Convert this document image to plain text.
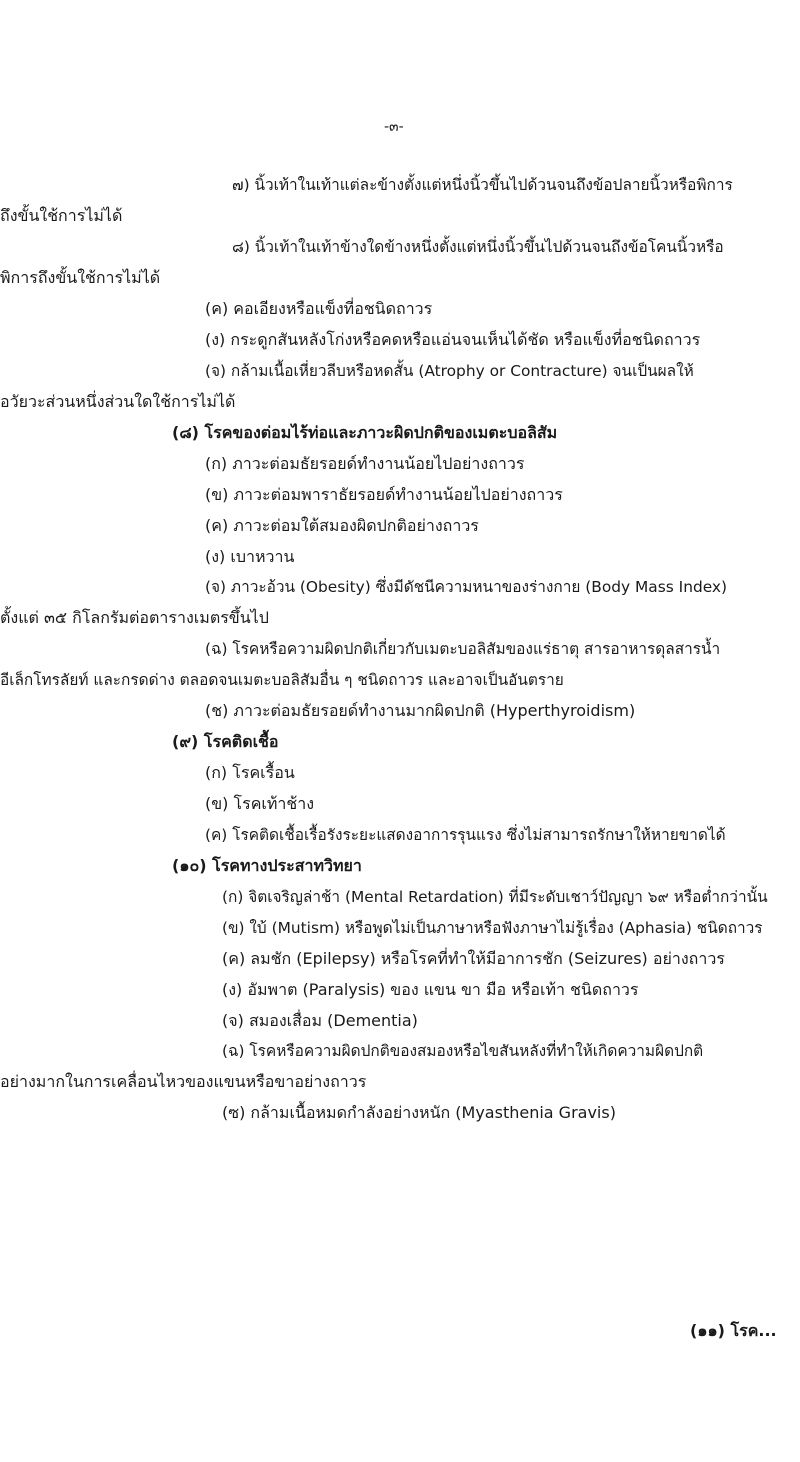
-๓-
๗) นิ้วเท้าในเท้าแต่ละข้างตั้งแต่หนึ่งนิ้วขึ้นไปด้วนจนถึงข้อปลายนิ้วหรือพิการ
ถึงขั้นใช้การไม่ได้
๘) นิ้วเท้าในเท้าข้างใดข้างหนึ่งตั้งแต่หนึ่งนิ้วขึ้นไปด้วนจนถึงข้อโคนนิ้วหรือ
พิการถึงขั้นใช้การไม่ได้
(ค) คอเอียงหรือแข็งที่อชนิดถาวร
(ง) กระดูกสันหลังโก่งหรือคดหรือแอ่นจนเห็นได้ชัด หรือแข็งที่อชนิดถาวร
(จ) กล้ามเนื้อเหี่ยวลีบหรือหดสั้น (Atrophy or Contracture) จนเป็นผลให้
อวัยวะส่วนหนึ่งส่วนใดใช้การไม่ได้
(๘) โรคของต่อมไร้ท่อและภาวะผิดปกติของเมตะบอลิสัม
(ก) ภาวะต่อมธัยรอยด์ทำงานน้อยไปอย่างถาวร
(ข) ภาวะต่อมพาราธัยรอยด์ทำงานน้อยไปอย่างถาวร
(ค) ภาวะต่อมใต้สมองผิดปกติอย่างถาวร
(ง) เบาหวาน
(จ) ภาวะอ้วน (Obesity) ซึ่งมีดัชนีความหนาของร่างกาย (Body Mass Index)
ตั้งแต่ ๓๕ กิโลกรัมต่อตารางเมตรขึ้นไป
(ฉ) โรคหรือความผิดปกติเกี่ยวกับเมตะบอลิสัมของแร่ธาตุ สารอาหารดุลสารน้ำ
อีเล็กโทรลัยท์ และกรดด่าง ตลอดจนเมตะบอลิสัมอื่น ๆ ชนิดถาวร และอาจเป็นอันตราย
(ช) ภาวะต่อมธัยรอยด์ทำงานมากผิดปกติ (Hyperthyroidism)
(๙) โรคติดเชื้อ
(ก) โรคเรื้อน
(ข) โรคเท้าช้าง
(ค) โรคติดเชื้อเรื้อรังระยะแสดงอาการรุนแรง ซึ่งไม่สามารถรักษาให้หายขาดได้
(๑๐) โรคทางประสาทวิทยา
(ก) จิตเจริญล่าช้า (Mental Retardation) ที่มีระดับเชาว์ปัญญา ๖๙ หรือต่ำกว่านั้น
(ข) ใบ้ (Mutism) หรือพูดไม่เป็นภาษาหรือฟังภาษาไม่รู้เรื่อง (Aphasia) ชนิดถาวร
(ค) ลมชัก (Epilepsy) หรือโรคที่ทำให้มีอาการชัก (Seizures) อย่างถาวร
(ง) อัมพาต (Paralysis) ของ แขน ขา มือ หรือเท้า ชนิดถาวร
(จ) สมองเสื่อม (Dementia)
(ฉ) โรคหรือความผิดปกติของสมองหรือไขสันหลังที่ทำให้เกิดความผิดปกติ
อย่างมากในการเคลื่อนไหวของแขนหรือขาอย่างถาวร
(ซ) กล้ามเนื้อหมดกำลังอย่างหนัก (Myasthenia Gravis)
(๑๑) โรค...
